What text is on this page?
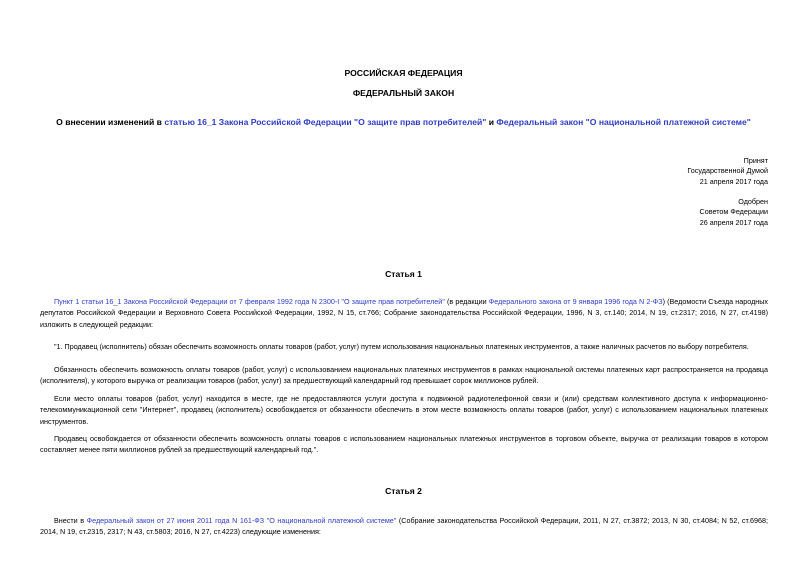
РОССИЙСКАЯ ФЕДЕРАЦИЯ
ФЕДЕРАЛЬНЫЙ ЗАКОН
О внесении изменений в статью 16_1 Закона Российской Федерации "О защите прав потребителей" и Федеральный закон "О национальной платежной системе"
Принят
Государственной Думой
21 апреля 2017 года
Одобрен
Советом Федерации
26 апреля 2017 года
Статья 1
Пункт 1 статьи 16_1 Закона Российской Федерации от 7 февраля 1992 года N 2300-I "О защите прав потребителей" (в редакции Федерального закона от 9 января 1996 года N 2-ФЗ) (Ведомости Съезда народных депутатов Российской Федерации и Верховного Совета Российской Федерации, 1992, N 15, ст.766; Собрание законодательства Российской Федерации, 1996, N 3, ст.140; 2014, N 19, ст.2317; 2016, N 27, ст.4198) изложить в следующей редакции:
"1. Продавец (исполнитель) обязан обеспечить возможность оплаты товаров (работ, услуг) путем использования национальных платежных инструментов, а также наличных расчетов по выбору потребителя.
Обязанность обеспечить возможность оплаты товаров (работ, услуг) с использованием национальных платежных инструментов в рамках национальной системы платежных карт распространяется на продавца (исполнителя), у которого выручка от реализации товаров (работ, услуг) за предшествующий календарный год превышает сорок миллионов рублей.
Если место оплаты товаров (работ, услуг) находится в месте, где не предоставляются услуги доступа к подвижной радиотелефонной связи и (или) средствам коллективного доступа к информационно-телекоммуникационной сети "Интернет", продавец (исполнитель) освобождается от обязанности обеспечить в этом месте возможность оплаты товаров (работ, услуг) с использованием национальных платежных инструментов.
Продавец освобождается от обязанности обеспечить возможность оплаты товаров с использованием национальных платежных инструментов в торговом объекте, выручка от реализации товаров в котором составляет менее пяти миллионов рублей за предшествующий календарный год.".
Статья 2
Внести в Федеральный закон от 27 июня 2011 года N 161-ФЗ "О национальной платежной системе" (Собрание законодательства Российской Федерации, 2011, N 27, ст.3872; 2013, N 30, ст.4084; N 52, ст.6968; 2014, N 19, ст.2315, 2317; N 43, ст.5803; 2016, N 27, ст.4223) следующие изменения:
